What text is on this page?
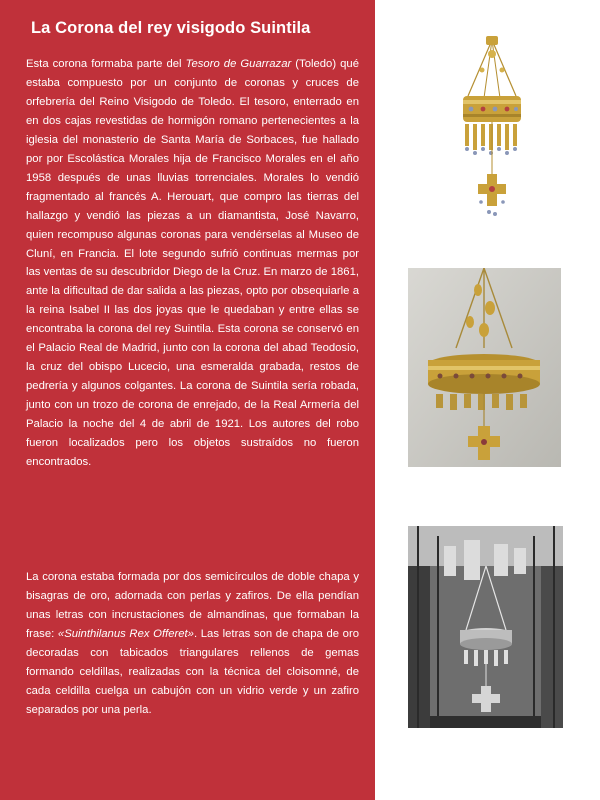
La Corona del rey visigodo Suintila

Esta corona formaba parte del Tesoro de Guarrazar (Toledo) qué estaba compuesto por un conjunto de coronas y cruces de orfebrería del Reino Visigodo de Toledo. El tesoro, enterrado en en dos cajas revestidas de hormigón romano pertenecientes a la iglesia del monasterio de Santa María de Sorbaces, fue hallado por por Escolástica Morales hija de Francisco Morales en el año 1958 después de unas lluvias torrenciales. Morales lo vendió fragmentado al francés A. Herouart, que compro las tierras del hallazgo y vendió las piezas a un diamantista, José Navarro, quien recompuso algunas coronas para vendérselas al Museo de Cluní, en Francia. El lote segundo sufrió continuas mermas por las ventas de su descubridor Diego de la Cruz. En marzo de 1861, ante la dificultad de dar salida a las piezas, opto por obsequiarle a la reina Isabel II las dos joyas que le quedaban y entre ellas se encontraba la corona del rey Suintila. Esta corona se conservó en el Palacio Real de Madrid, junto con la corona del abad Teodosio, la cruz del obispo Lucecio, una esmeralda grabada, restos de pedrería y algunos colgantes. La corona de Suintila sería robada, junto con un trozo de corona de enrejado, de la Real Armería del Palacio la noche del 4 de abril de 1921. Los autores del robo fueron localizados pero los objetos sustraídos no fueron encontrados.

La corona estaba formada por dos semicírculos de doble chapa y bisagras de oro, adornada con perlas y zafiros. De ella pendían unas letras con incrustaciones de almandinas, que formaban la frase: «Suinthilanus Rex Offeret». Las letras son de chapa de oro decoradas con tabicados triangulares rellenos de gemas formando celdillas, realizadas con la técnica del cloisomné, de cada celdilla cuelga un cabujón con un vidrio verde y un zafiro separados por una perla.
